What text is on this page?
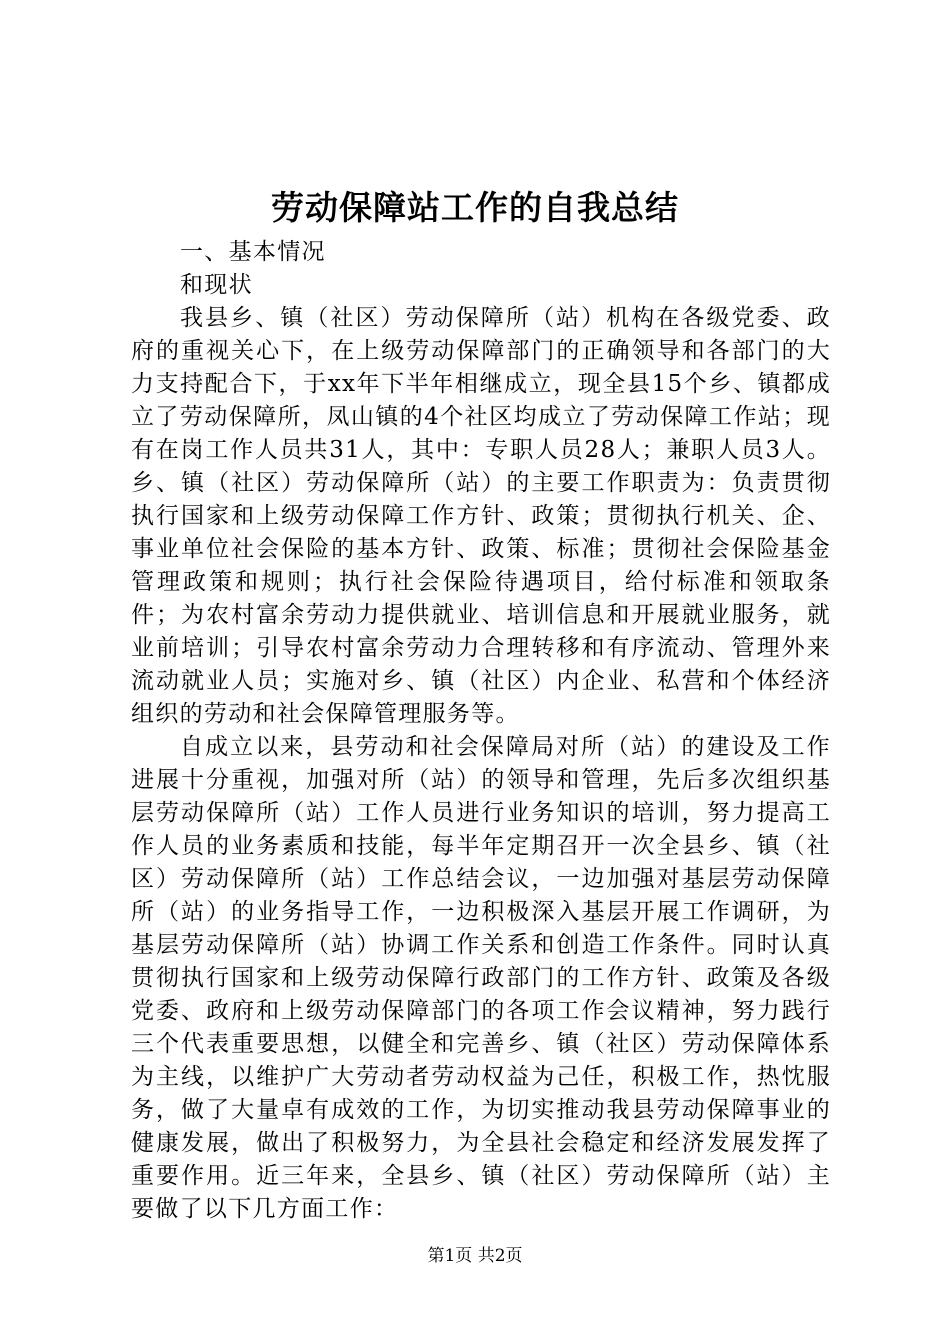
劳动保障站工作的自我总结

一、基本情况

和现状

我县乡、镇（社区）劳动保障所（站）机构在各级党委、政府的重视关心下，在上级劳动保障部门的正确领导和各部门的大力支持配合下，于xx年下半年相继成立，现全县15个乡、镇都成立了劳动保障所，凤山镇的4个社区均成立了劳动保障工作站；现有在岗工作人员共31人，其中：专职人员28人；兼职人员3人。乡、镇（社区）劳动保障所（站）的主要工作职责为：负责贯彻执行国家和上级劳动保障工作方针、政策；贯彻执行机关、企、事业单位社会保险的基本方针、政策、标准；贯彻社会保险基金管理政策和规则；执行社会保险待遇项目，给付标准和领取条件；为农村富余劳动力提供就业、培训信息和开展就业服务，就业前培训；引导农村富余劳动力合理转移和有序流动、管理外来流动就业人员；实施对乡、镇（社区）内企业、私营和个体经济组织的劳动和社会保障管理服务等。

自成立以来，县劳动和社会保障局对所（站）的建设及工作进展十分重视，加强对所（站）的领导和管理，先后多次组织基层劳动保障所（站）工作人员进行业务知识的培训，努力提高工作人员的业务素质和技能，每半年定期召开一次全县乡、镇（社区）劳动保障所（站）工作总结会议，一边加强对基层劳动保障所（站）的业务指导工作，一边积极深入基层开展工作调研，为基层劳动保障所（站）协调工作关系和创造工作条件。同时认真贯彻执行国家和上级劳动保障行政部门的工作方针、政策及各级党委、政府和上级劳动保障部门的各项工作会议精神，努力践行三个代表重要思想，以健全和完善乡、镇（社区）劳动保障体系为主线，以维护广大劳动者劳动权益为己任，积极工作，热忱服务，做了大量卓有成效的工作，为切实推动我县劳动保障事业的健康发展，做出了积极努力，为全县社会稳定和经济发展发挥了重要作用。近三年来，全县乡、镇（社区）劳动保障所（站）主要做了以下几方面工作：

第1页 共2页
